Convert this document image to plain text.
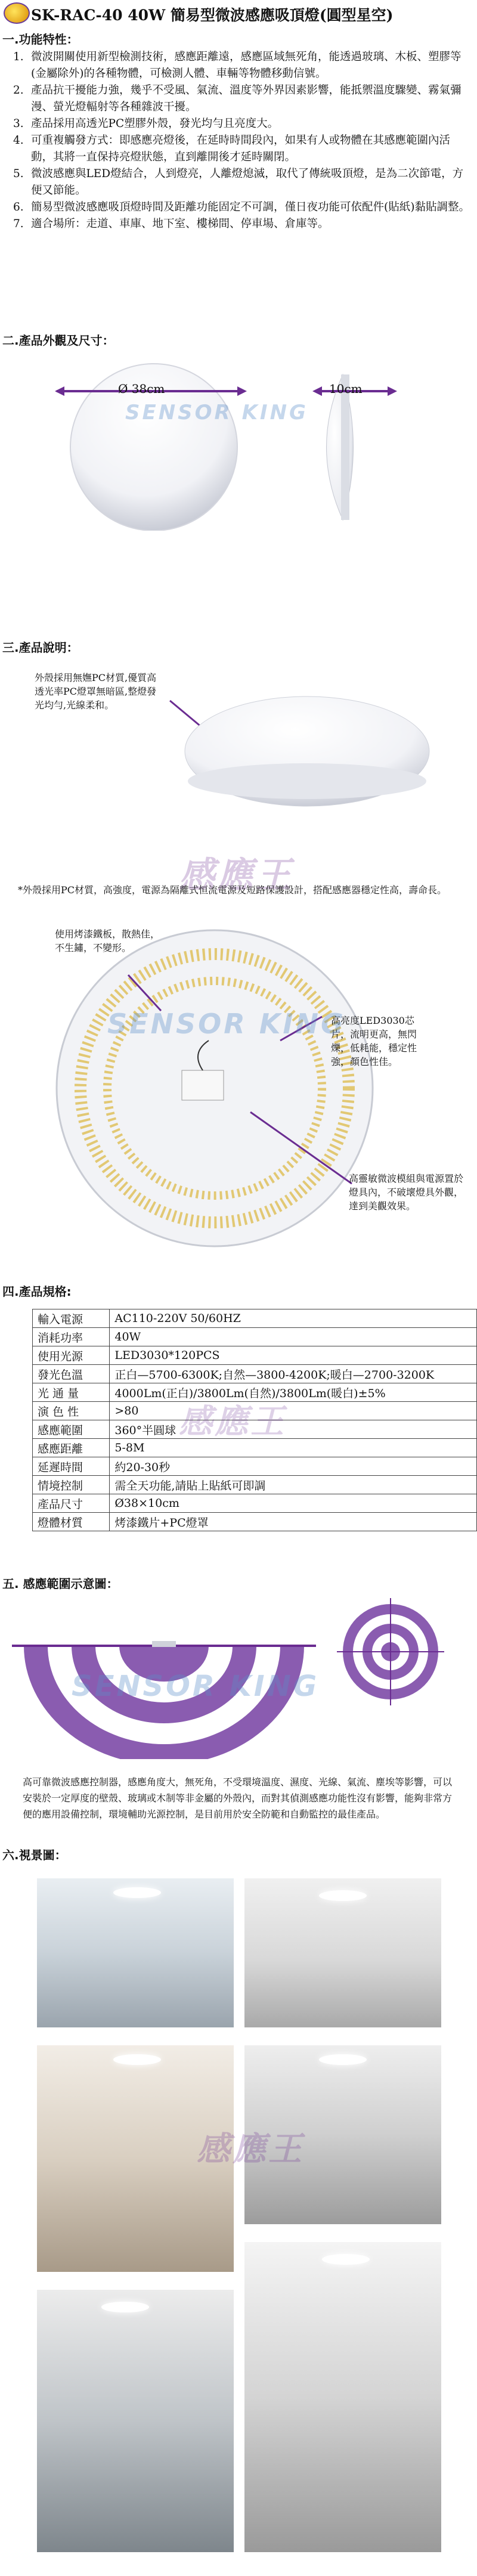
SK-RAC-40 40W 簡易型微波感應吸頂燈(圓型星空)
一.功能特性：
1. 微波開關使用新型檢測技術，感應距離遠，感應區域無死角，能透過玻璃、木板、塑膠等(金屬除外)的各種物體，可檢測人體、車輛等物體移動信號。
2. 產品抗干擾能力強，幾乎不受風、氣流、溫度等外界因素影響，能抵禦溫度驟變、霧氣彌漫、螢光燈輻射等各種雜波干擾。
3. 產品採用高透光PC塑膠外殼，發光均勻且亮度大。
4. 可重複觸發方式：即感應亮燈後，在延時時間段內，如果有人或物體在其感應範圍內活動，其將一直保持亮燈狀態，直到離開後才延時關閉。
5. 微波感應與LED燈結合，人到燈亮，人離燈熄滅，取代了傳統吸頂燈，是為二次節電，方便又節能。
6. 簡易型微波感應吸頂燈時間及距離功能固定不可調，僅日夜功能可依配件(貼紙)黏貼調整。
7. 適合場所：走道、車庫、地下室、樓梯間、停車場、倉庫等。
二.產品外觀及尺寸：
Ø 38cm	10cm
SENSOR KING
三.產品說明：
外殼採用無嫵PC材質,優質高透光率PC燈罩無暗區,整燈發光均勻,光線柔和。
感應王
*外殼採用PC材質，高強度，電源為隔離式恒流電源及短路保護設計，搭配感應器穩定性高，壽命長。
使用烤漆鐵板，散熱佳，不生鏽，不變形。
高亮度LED3030芯片，流明更高，無閃爍，低耗能，穩定性強，顏色性佳。
高靈敏微波模組與電源置於燈具內，不破壞燈具外觀，達到美觀效果。
SENSOR KING
四.產品規格:
輸入電源	AC110-220V 50/60HZ
消耗功率	40W
使用光源	LED3030*120PCS
發光色溫	正白—5700-6300K;自然—3800-4200K;暖白—2700-3200K
光 通 量	4000Lm(正白)/3800Lm(自然)/3800Lm(暖白)±5%
演 色 性	>80
感應範圍	360°半圓球
感應距離	5-8M
延遲時間	約20-30秒
情境控制	需全天功能,請貼上貼紙可即調
產品尺寸	Ø38×10cm
燈體材質	烤漆鐵片+PC燈罩
感應王
五. 感應範圍示意圖：
SENSOR KING
高可靠微波感應控制器，感應角度大，無死角，不受環境溫度、濕度、光線、氣流、塵埃等影響，可以安裝於一定厚度的壁殼、玻璃或木制等非金屬的外殼內，而對其偵測感應功能性沒有影響，能夠非常方便的應用設備控制，環境輔助光源控制，是目前用於安全防範和自動監控的最佳產品。
六.視景圖：
感應王
